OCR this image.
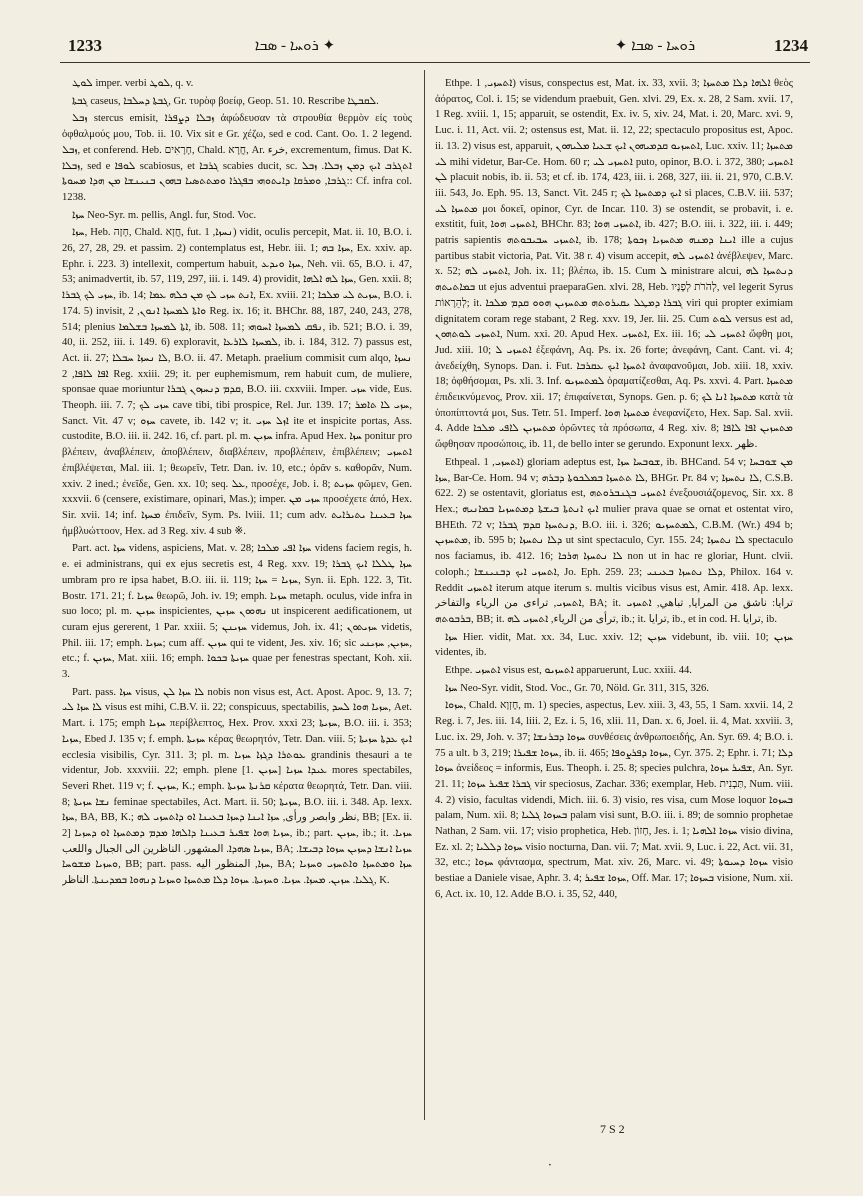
1233	ܪܘܚܐ - ܣܒܐ ✦	✦ ܪܘܚܐ - ܣܒܐ	1234

ܠܘܛ imper. verbi ܠܘܛ, q. v.

ܓܒܬܐ caseus, ܓܒܬܐ ܕܚܠܒܐ, Gr. τυρὸφ βοείφ, Geop. 51. 10. Rescribe ܠܩܒܛܐ.

ܙܒܠ stercus emisit, ܙܒܠܐ ܕܨܦܪܐ ἀφώδευσαν τὰ στρουθία θερμὸν εἰς τοὺς ὀφθαλμούς μου, Tob. ii. 10. Vix sit e Gr. χέζω, sed e cod. Cant. Oo. 1. 2 legend. ܙܒܠ, et conferend. Heb. חָרָאִים, Chald. חֲרָא, Ar. خرء, excrementum, fimus. Dat K. ܙܒܠܐ, sed e ܠܘܦܐ scabiosus, et ܓܪܒܐ scabies ducit, sc. ܐܬܓܪܒ ܐܝܟ ܕܡܢ ܙܒܠܐ. ܙܒܠ ܓܪܒܐ, ܘܡܪܩܐ ܕܐܝܬܘܗܝ ܒܦܓܪܐ ܘܡܬܬܣܝܐ ܒܗܘܢ ܒܢܝܢܫܐ ܡܢ ܗܕܐ ܡܚܘܬܐ:: Cf. infra col. 1238.

ܚܙܐ Neo-Syr. m. pellis, Angl. fur, Stod. Voc.

ܚܙܐ, Heb. חָזָה, Chald. חֲזָא, fut. ܢܚܙܐ, 1) vidit, oculis percepit, Mat. ii. 10, B.O. i. 26, 27, 28, 29. et passim. 2) contemplatus est, Hebr. iii. 1; ܚܙܐ ܒܗ, Ex. xxiv. ap. Ephr. i. 223. 3) intellexit, compertum habuit, ܚܙܐ ܘܝܕܥ, Neh. vii. 65, B.O. i. 47, 53; animadvertit, ib. 57, 119, 297, iii. i. 149. 4) providit, ܚܙܐ ܠܗ ܐܠܗܐ, Gen. xxii. 8; ܚܙܝ ܠܟ ܓܒܪܐ, ib. 14; ܐܢܬ ܚܙܝ ܠܟ ܡܢ ܟܠܗ ܥܡܐ, Ex. xviii. 21; ܚܙܝܬ ܠܝ ܡܠܟܐ, B.O. i. 174. 5) invisit, ܘܐܬܐ ܠܡܚܙܐ ܐܢܘܢ, 2 Reg. ix. 16; it. BHChr. 88, 187, 240, 243, 278, 514; plenius ܐܬܐ ܠܡܚܙܐ ܒܫܠܡܐ, ib. 508. 11; ܢܦܩ ܠܡܚܙܐ ܐܚܘܗܝ, ib. 521; B.O. i. 39, 40, ii. 252, iii. i. 149. 6) exploravit, ܠܡܚܙܐ ܠܐܪܥܐ, ib. i. 184, 312. 7) passus est, Act. ii. 27; ܠܐ ܢܚܙܐ ܚܒܠܐ, B.O. ii. 47. Metaph. praelium commisit cum alqo, ܢܚܙܐ ܐܦܐ ܠܐܦܐ, 2 Reg. xxiii. 29; it. per euphemismum, rem habuit cum, de muliere, sponsae quae moriuntur ܩܕܡ ܕܢܚܙܘܢ ܓܒܪܐ, B.O. iii. cxxviii. Imper. ܚܙܝ vide, Eus. Theoph. iii. 7. 7; ܚܙܝ ܠܟ cave tibi, tibi prospice, Rel. Jur. 139. 17; ܚܙܝ ܠܐ ܬܐܡܪ, Sanct. Vit. 47 v; ܚܙܘ cavete, ib. 142 v; it. ܐܙܠ ܚܙܝ ite et inspicite portas, Ass. custodite, B.O. iii. ii. 242. 16, cf. part. pl. m. ܚܙܝܢ infra. Apud Hex. ܚܙܐ ponitur pro βλέπειν, ἀναβλέπειν, ἀποβλέπειν, διαβλέπειν, προβλέπειν, ἐπιβλέπειν; ܐܬܚܙܝ ἐπιβλέψεται, Mal. iii. 1; θεωρεῖν, Tetr. Dan. iv. 10, etc.; ὁρᾶν s. καθορᾶν, Num. xxiv. 2 ined.; ἐνεῖδε, Gen. xx. 10; seq. ܥܠ, προσέχε, Job. i. 8; ܚܙܝܬ φῶμεν, Gen. xxxvii. 6 (censere, existimare, opinari, Mas.); imper. ܚܙܝ ܡܢ προσέχετε ἀπό, Hex. Sir. xvii. 14; inf. ܡܚܙܐ ἐπιδεῖν, Sym. Ps. lviii. 11; cum adv. ܚܙܐ ܒܥܝܢܐ ܝܬܝܪܐܝܬ ἠμβλυώττοον, Hex. ad 3 Reg. xiv. 4 sub ※.

Part. act. ܚܙܐ videns, aspiciens, Mat. v. 28; ܚܙܐ ܐܦܝ ܡܠܟܐ videns faciem regis, h. e. ei administrans, qui ex ejus secretis est, 4 Reg. xxv. 19; ܚܙܐ ܛܠܠܐ ܐܝܟ ܓܒܪܐ umbram pro re ipsa habet, B.O. iii. ii. 119; ܚܙܝܐ = ܚܙܐ, Syn. ii. Eph. 122. 3, Tit. Bostr. 171. 21; f. ܚܙܝܐ θεωρῶ, Joh. iv. 19; emph. ܚܙܝܐ metaph. oculus, vide infra in suo loco; pl. m. ܚܙܝܢ inspicientes, ܢܗܘܘܢ ܚܙܝܢ ut inspicerent aedificationem, ut curam ejus gererent, 1 Par. xxiii. 5; ܚܙܝܢܢ videmus, Joh. ix. 41; ܚܙܝܬܘܢ videtis, Phil. iii. 17; emph. ܚܙܝܐ; cum aff. ܚܙܝܢ qui te vident, Jes. xiv. 16; sic ܚܙܝܢ, ܚܙܝܢܝ, etc.; f. ܚܙܝܢ, Mat. xiii. 16; emph. ܚܙܝܬܐ ܒܟܘܐ quae per fenestras spectant, Koh. xii. 3.

Part. pass. ܚܙܐ visus, ܠܐ ܚܙܐ ܠܢ nobis non visus est, Act. Apost. Apoc. 9, 13. 7; ܠܐ ܚܙܐ ܠܝ visus est mihi, C.B.V. ii. 22; conspicuus, spectabilis, ܚܙܝܐ ܗܘܐ ܠܚܕ, Aet. Mart. i. 175; emph ܚܙܝܐ περίβλεπτος, Hex. Prov. xxxi 23; ܚܙܝܬܐ, B.O. iii. i. 353; ܚܙܝܐ, Ebed J. 135 v; f. emph. ܚܙܝܬܐ κέρας θεωρητόν, Tetr. Dan. viii. 5; ܐܝܟ ܥܕܬܐ ܚܙܝܬܐ ecclesia visibilis, Cyr. 311. 3; pl. m. ܥܘܬܪܐ ܕܓܙܐ ܚܙܝܐ grandinis thesauri a te videntur, Job. xxxviii. 22; emph. plene [1. ܚܙܝܢ] ܥܝܕܐ ܚܙܝܐ mores spectabiles, Severi Rhet. 119 v; f. ܚܙܝܢ, K.; emph. ܩܪܢܬܐ ܚܙܝܬܐ κέρατα θεωρητά, Tetr. Dan. viii. 8; ܢܫܐ ܚܙܝܬܐ feminae spectabiles, Act. Mart. ii. 50; ܚܙܝܬܐ, B.O. iii. i. 348. Ap. lexx. ܚܙܐ, BA, BB, K.; نظر وابصر ورأى, ܚܙܐ ܐܝܢܐ ܕܚܙܐ ܒܥܝܢܐ ܐܘ ܕܐܬܚܙܝ ܠܗ, BB; [Ex. ii. 2] ܚܙܝܐ ܗܘܐ ܫܦܝܪ ܒܥܝܢܐ ܕܐܠܗܐ ܡܕܡ ܕܡܬܚܙܐ ܐܘ ܕܚܙܝܐ, ib.; part. ܚܙܝܢ, ib.; it. ܚܙܝܐ. ܚܙܝܐ ܣܗܕܐ. المشهور. الناظرين الى الجبال واللعب, BA; ܚܙܝܐ ܐܢܫܐ ܕܚܙܝܢ ܚܙܘܐ ܕܒܝܫܐ. ܘܚܙܝܐ ܡܫܘܚܐ, BB; part. pass. ܚܙܐ, المنظور اليه, BA; ܚܙܐ ܘܡܬܚܙܐ ܘܐܬܚܙܝ ܘܚܙܝܐ ܓܠܝܐ. ܚܙܝܢ. ܡܚܙܐ. ܚܙܝܐ. ܘܚܙܝܬܐ. ܚܙܘܐ ܕܠܐ ܡܬܚܙܐ ܘܚܙܝܐ ܕܢܗܘܐ ܒܡܕܝܢܬܐ. الناظر, K.

Ethpe. ܐܬܚܙܝ, 1) visus, conspectus est, Mat. ix. 33, xvii. 3; ܐܠܗܐ ܕܠܐ ܡܬܚܙܐ θεὸς ἀόρατος, Col. i. 15; se videndum praebuit, Gen. xlvi. 29, Ex. x. 28, 2 Sam. xvii. 17, 1 Reg. xviii. 1, 15; apparuit, se ostendit, Ex. iv. 5, xiv. 24, Mat. i. 20, Marc. xvi. 9, Luc. i. 11, Act. vii. 2; ostensus est, Mat. ii. 12, 22; spectaculo propositus est, Apoc. ii. 13. 2) visus est, apparuit, ܐܬܚܙܝܘ ܩܕܡܝܗܘܢ ܐܝܟ ܫܥܝܐ ܡܠܝܗܘܢ, Luc. xxiv. 11; ܡܬܚܙܐ ܠܝ mihi videtur, Bar-Ce. Hom. 60 r; ܐܬܚܙܝ ܠܝ puto, opinor, B.O. i. 372, 380; ܐܬܚܙܝ ܠܢ placuit nobis, ib. ii. 53; et cf. ib. 174, 423, iii. i. 268, 327, iii. ii. 21, 970, C.B.V. iii. 543, Jo. Eph. 95. 13, Sanct. Vit. 245 r; ܐܝܟ ܕܡܬܚܙܐ ܠܟ si places, C.B.V. iii. 537; ܡܬܚܙܐ ܠܝ μοι δοκεῖ, opinor, Cyr. de Incar. 110. 3) se ostendit, se probavit, i. e. exstitit, fuit, ܐܬܚܙܝ ܗܘܐ, BHChr. 83; ܐܬܚܙܝ ܗܘܐ, ib. 427; B.O. iii. i. 322, iii. i. 449; patris sapientis ܐܬܚܙܝ ܚܒܝܒܘܬܗ, ib. 178; ܐܝܢܐ ܕܡܢܗ ܡܬܚܙܝܐ ܙܟܘܬܐ ille a cujus partibus stabit victoria, Pat. Vit. 38 r. 4) visum accepit, ܐܬܚܙܝ ܠܗ ἀνέβλεψεν, Marc. x. 52; ܐܬܚܙܝ ܠܗ, Joh. ix. 11; βλέπω, ib. 15. Cum ܠ ministrare alcui, ܕܢܬܚܙܐ ܠܗ ܒܡܐܬܝܬܗ ut ejus adventui praeparaGen. xlvi. 28, Heb. לְהֹרֹת לְפָנָיו, vel legerit Syrus לְהֵרָאוֹת; it. ܓܒܪܐ ܕܡܛܠ ܝܩܝܪܘܬܗ ܡܬܚܙܝܢ ܗܘܘ ܩܕܡ ܡܠܟܐ viri qui propter eximiam dignitatem coram rege stabant, 2 Reg. xxv. 19, Jer. lii. 25. Cum ܠܘܬ versus est ad, ܐܬܚܙܝ ܠܘܬܗܘܢ, Num. xxi. 20. Apud Hex. ܐܬܚܙܝ, Ex. iii. 16; ܐܬܚܙܝ ܠܝ ὤφθη μοι, Jud. xiii. 10; ܐܬܚܙܝ ܠ ἐξεφάνη, Aq. Ps. ix. 26 forte; ἀνεφάνη, Cant. Cant. vi. 4; ἀνεδείχθη, Synops. Dan. i. Fut. ܐܬܚܙܐ ܐܝܟ ܥܩܪܒܐ ἀναφανοῦμαι, Job. xiii. 18, xxiv. 18; ὀφθήσομαι, Ps. xli. 3. Inf. ܠܡܬܚܙܝܘ ὁραματίζεσθαι, Aq. Ps. xxvi. 4. Part. ܡܬܚܙܐ ἐπιδεικνύμενος, Prov. xii. 17; ἐπιφαίνεται, Synops. Gen. p. 6; ܡܬܚܙܐ ܐܢܐ ܠܟ κατὰ τὰ ὑποπίπτοντά μοι, Sus. Tetr. 51. Imperf. ܡܬܚܙܐ ܗܘܐ ἐνεφανίζετο, Hex. Sap. Sal. xvii. 4. Adde ܡܬܚܙܝܢ ܠܐܦܝ ܡܠܟܐ ὁρῶντες τὰ πρόσωπα, 4 Reg. xiv. 8; ܡܬܚܙܝܢ ܐܦܐ ܠܐܦܐ ὤφθησαν προσώποις, ib. 11, de bello inter se gerundo. Exponunt lexx. ظهر.

Ethpeal. ܐܬܚܙܝ, 1) gloriam adeptus est, ܫܘܒܚܐ ܚܙܐ, ib. BHCand. 54 v; ܡܢ ܫܘܒܚܐ ܚܙܐ, Bar-Ce. Hom. 94 v; ܠܐ ܬܬܚܙܐ ܒܡܠܟܘܬܐ ܕܒܪܗ, BHGr. Pr. 84 v; ܠܐ ܢܬܚܙܐ, C.S.B. 622. 2) se ostentavit, gloriatus est, ܐܬܚܙܝ ܒܓܢܒܪܘܬܗ ἐνεξουσιάζομενος, Sir. xx. 8 Hex.; ܐܝܟ ܐܢܬܬܐ ܒܝܫܬܐ ܕܡܬܚܙܝܐ ܒܡܐܢܝܗ mulier prava quae se ornat et ostentat viro, BHEth. 72 v; ܕܢܬܚܙܐ ܩܕܡ ܓܒܪܐ, B.O. iii. i. 326; ܠܡܬܚܙܝܘ, C.B.M. (Wr.) 494 b; ܡܬܚܙܝܢ, ib. 595 b; ܕܠܐ ܢܬܚܙܐ ut sint spectaculo, Cyr. 155. 24; ܠܐ ܢܬܚܙܐ spectaculo nos faciamus, ib. 412. 16; ܠܐ ܢܬܚܙܐ ܗܪܟܐ non ut in hac re gloriar, Hunt. clvii. coloph.; ܐܬܚܙܝ ܐܝܟ ܕܒܢܝܢܫܐ, Jo. Eph. 259. 23; ܕܠܐ ܢܬܚܙܐ ܒܥܝܢܝ, Philox. 164 v. Reddit ܐܬܚܙܝ iterum atque iterum s. multis vicibus visus est, Amir. 418. Ap. lexx. ܐܬܚܙܝ, تراءى من الرياء والتفاخر, BA; it. ترايا: ناشق من المرايا, تباهي, ܐܬܚܙܝ ܒܪܒܘܬܗ, BB; it. ترأى من الرياء, ܐܬܚܙܝ ܠܗ, ib.; it. ترايا, ib., et in cod. H. ترايا, ib.

ܚܙܐ Hier. vidit, Mat. xx. 34, Luc. xxiv. 12; ܚܙܝܢ videbunt, ib. viii. 10; ܚܙܝܢ videntes, ib.

Ethpe. ܐܬܚܙܝ visus est, ܐܬܚܙܝܘ apparuerunt, Luc. xxiii. 44.

ܚܙܐ Neo-Syr. vidit, Stod. Voc., Gr. 70, Nöld. Gr. 311, 315, 326.

ܚܙܘܐ, Chald. חֶזְוָא, m. 1) species, aspectus, Lev. xiii. 3, 43, 55, 1 Sam. xxvii. 14, 2 Reg. i. 7, Jes. iii. 14, liii. 2, Ez. i. 5, 16, xlii. 11, Dan. x. 6, Joel. ii. 4, Mat. xxviii. 3, Luc. ix. 29, Joh. v. 37; ܚܙܘܐ ܕܒܪܢܫܐ συνθέσεις ἀνθρωποειδής, An. Syr. 69. 4; B.O. i. 75 a ult. b 3, 219; ܚܙܘܐ ܫܦܝܪܐ, ib. ii. 465; ܚܙܘܐ ܕܦܪܨܘܦܐ, Cyr. 375. 2; Ephr. i. 71; ܕܠܐ ܚܙܘܐ ἀνείδεος = informis, Eus. Theoph. i. 25. 8; species pulchra, ܫܦܝܪ ܚܙܘܐ, An. Syr. 21. 11; ܓܒܪܐ ܫܦܝܪ ܚܙܘܐ vir speciosus, Zachar. 336; exemplar, Heb. תַּבְנִית, Num. viii. 4. 2) visio, facultas videndi, Mich. iii. 6. 3) visio, res visa, cum Mose loquor ܒܚܙܘܐ palam, Num. xii. 8; ܒܚܙܘܐ ܓܠܝܐ palam visi sunt, B.O. iii. i. 89; de somnio prophetae Nathan, 2 Sam. vii. 17; visio prophetica, Heb. חָזוֹן, Jes. i. 1; ܚܙܘܐ ܐܠܗܝܐ visio divina, Ez. xl. 2; ܚܙܘܐ ܕܠܠܝܐ visio nocturna, Dan. vii. 7; Mat. xvii. 9, Luc. i. 22, Act. vii. 31, 32, etc.; ܚܙܘܐ φάντασμα, spectrum, Mat. xiv. 26, Marc. vi. 49; ܚܙܘܐ ܕܚܝܘܬܐ visio bestiae a Daniele visae, Aphr. 3. 4; ܚܙܘܐ ܫܦܝܪ, Off. Mar. 17; ܒܚܙܘܐ visione, Num. xii. 6, Act. ix. 10, 12. Adde B.O. i. 35, 52, 440,

7 S 2
·
